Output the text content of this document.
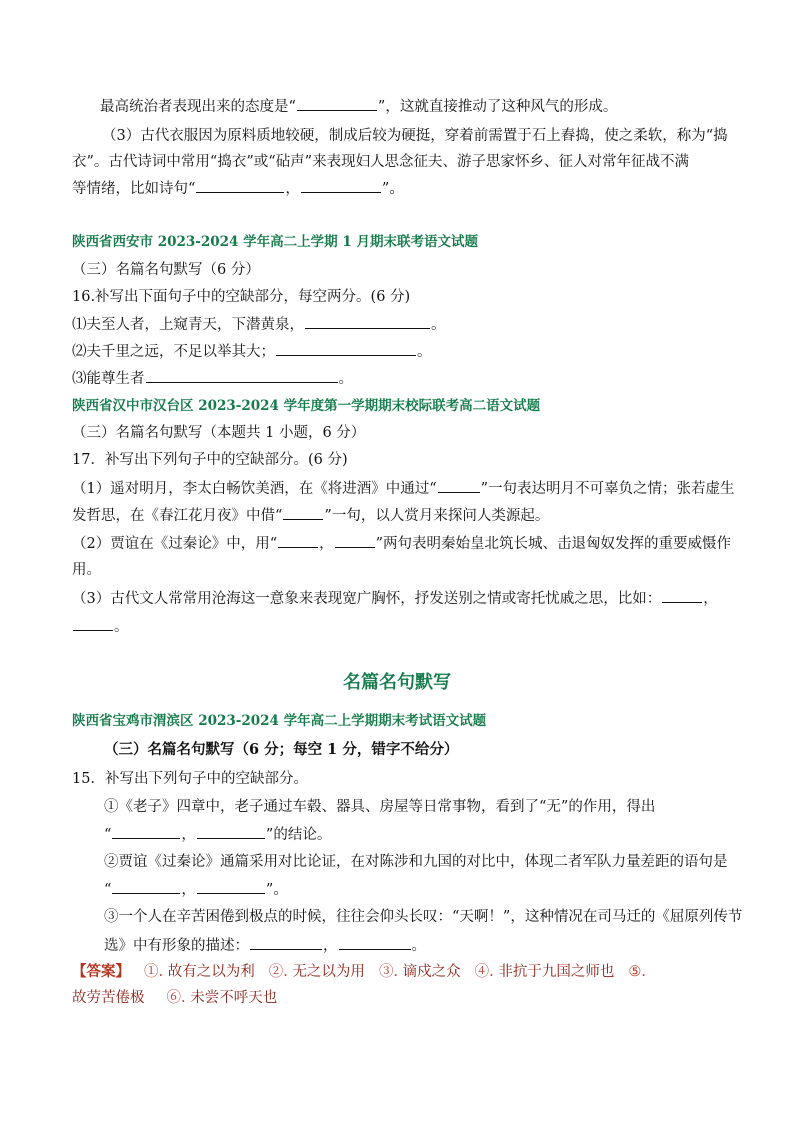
最高统治者表现出来的态度是“	”，这就直接推动了这种风气的形成。
（3）古代衣服因为原料质地较硬，制成后较为硬挺，穿着前需置于石上舂捣，使之柔软，称为“捣
衣”。古代诗词中常用“捣衣”或“砧声”来表现妇人思念征夫、游子思家怀乡、征人对常年征战不满
等情绪，比如诗句“	，	”。
陕西省西安市 2023-2024 学年高二上学期 1 月期末联考语文试题
（三）名篇名句默写（6 分）
16.补写出下面句子中的空缺部分，每空两分。(6 分)
⑴夫至人者，上窥青天，下潜黄泉，	。
⑵夫千里之远，不足以举其大；	。
⑶能尊生者	。
陕西省汉中市汉台区 2023-2024 学年度第一学期期末校际联考高二语文试题
（三）名篇名句默写（本题共 1 小题，6 分）
17．补写出下列句子中的空缺部分。(6 分)
（1）遥对明月，李太白畅饮美酒，在《将进酒》中通过“	”一句表达明月不可辜负之情；张若虚生
发哲思，在《春江花月夜》中借“	”一句，以人赏月来探问人类源起。
（2）贾谊在《过秦论》中，用“	，	”两句表明秦始皇北筑长城、击退匈奴发挥的重要威慑作
用。
（3）古代文人常常用沧海这一意象来表现宽广胸怀，抒发送别之情或寄托忧戚之思，比如：	，
。
名篇名句默写
陕西省宝鸡市渭滨区 2023-2024 学年高二上学期期末考试语文试题
（三）名篇名句默写（6 分；每空 1 分，错字不给分）
15．补写出下列句子中的空缺部分。
①《老子》四章中，老子通过车毂、器具、房屋等日常事物，看到了“无”的作用，得出
“	，	”的结论。
②贾谊《过秦论》通篇采用对比论证，在对陈涉和九国的对比中，体现二者军队力量差距的语句是
“	，	”。
③一个人在辛苦困倦到极点的时候，往往会仰头长叹：“天啊！”，这种情况在司马迁的《屈原列传节
选》中有形象的描述：	，	。
【答案】 ①. 故有之以为利 ②. 无之以为用 ③. 谪戍之众 ④. 非抗于九国之师也 ⑤.
故劳苦倦极 ⑥. 未尝不呼天也
